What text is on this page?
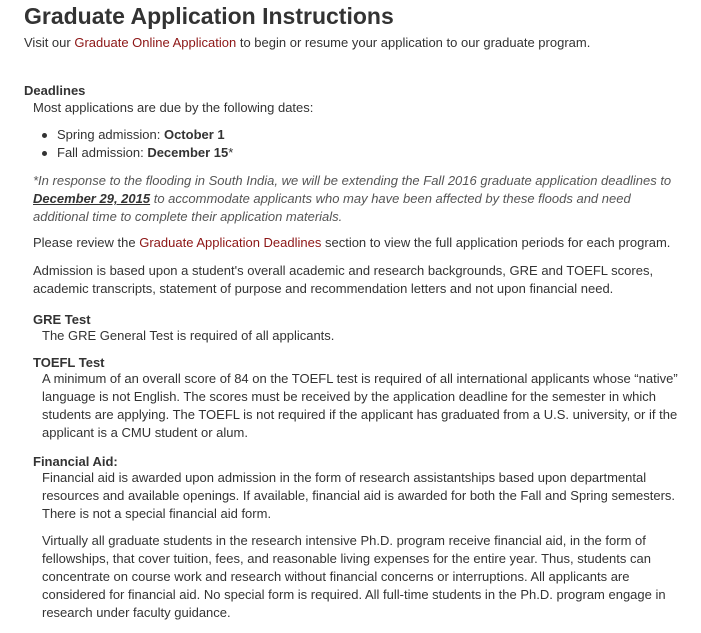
Graduate Application Instructions
Visit our Graduate Online Application to begin or resume your application to our graduate program.
Deadlines
Most applications are due by the following dates:
Spring admission: October 1
Fall admission: December 15*
*In response to the flooding in South India, we will be extending the Fall 2016 graduate application deadlines to December 29, 2015 to accommodate applicants who may have been affected by these floods and need additional time to complete their application materials.
Please review the Graduate Application Deadlines section to view the full application periods for each program.
Admission is based upon a student's overall academic and research backgrounds, GRE and TOEFL scores, academic transcripts, statement of purpose and recommendation letters and not upon financial need.
GRE Test
The GRE General Test is required of all applicants.
TOEFL Test
A minimum of an overall score of 84 on the TOEFL test is required of all international applicants whose “native” language is not English. The scores must be received by the application deadline for the semester in which students are applying. The TOEFL is not required if the applicant has graduated from a U.S. university, or if the applicant is a CMU student or alum.
Financial Aid:
Financial aid is awarded upon admission in the form of research assistantships based upon departmental resources and available openings. If available, financial aid is awarded for both the Fall and Spring semesters. There is not a special financial aid form.
Virtually all graduate students in the research intensive Ph.D. program receive financial aid, in the form of fellowships, that cover tuition, fees, and reasonable living expenses for the entire year. Thus, students can concentrate on course work and research without financial concerns or interruptions. All applicants are considered for financial aid. No special form is required. All full-time students in the Ph.D. program engage in research under faculty guidance.
